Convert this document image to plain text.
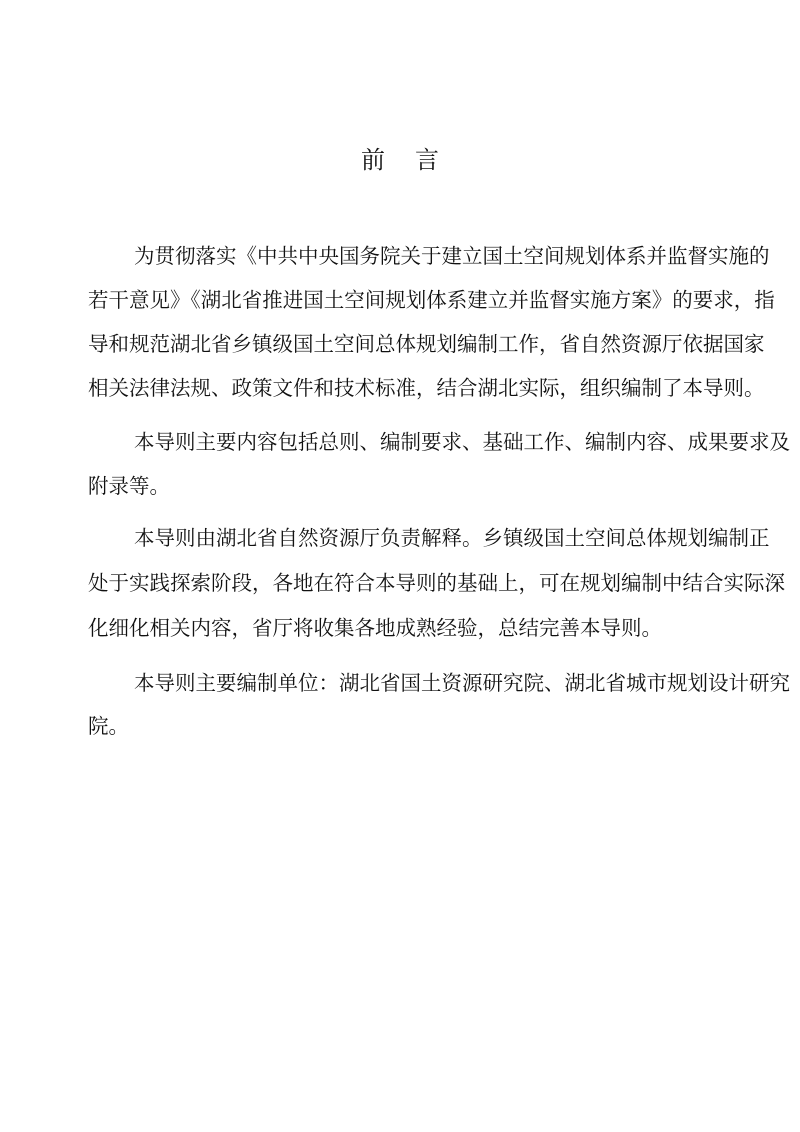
前言
为贯彻落实《中共中央国务院关于建立国土空间规划体系并监督实施的
若干意见》《湖北省推进国土空间规划体系建立并监督实施方案》的要求，指
导和规范湖北省乡镇级国土空间总体规划编制工作，省自然资源厅依据国家
相关法律法规、政策文件和技术标准，结合湖北实际，组织编制了本导则。
本导则主要内容包括总则、编制要求、基础工作、编制内容、成果要求及
附录等。
本导则由湖北省自然资源厅负责解释。乡镇级国土空间总体规划编制正
处于实践探索阶段，各地在符合本导则的基础上，可在规划编制中结合实际深
化细化相关内容，省厅将收集各地成熟经验，总结完善本导则。
本导则主要编制单位：湖北省国土资源研究院、湖北省城市规划设计研究
院。
